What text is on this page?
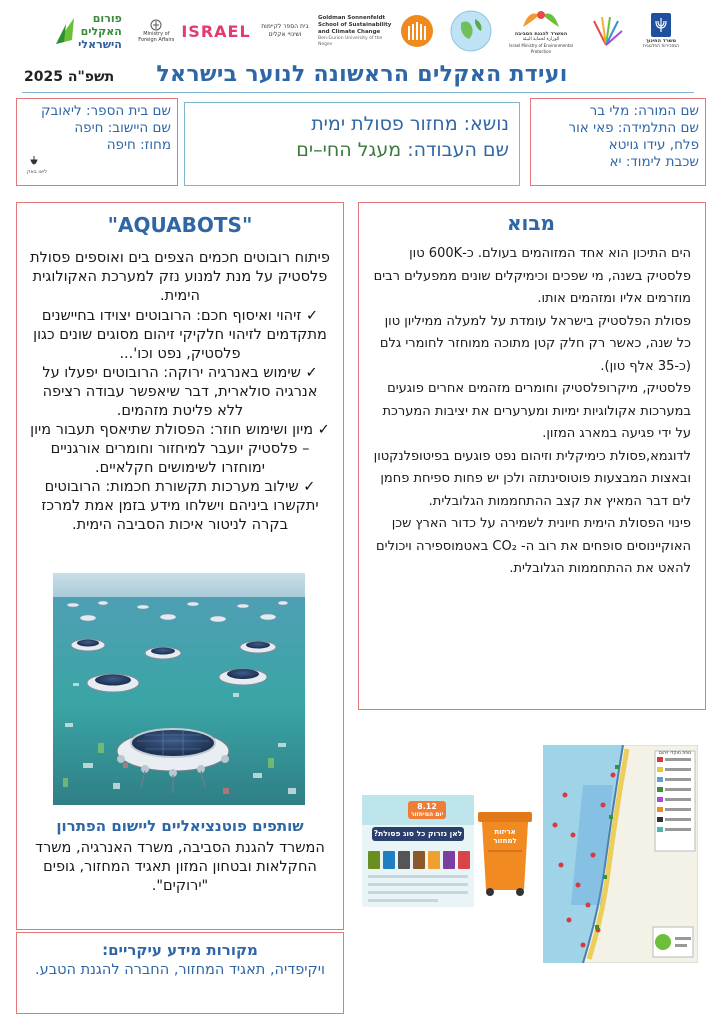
פורום
האקלים
הישראלי
ISRAEL
Ministry of Foreign Affairs
בית הספר לקיימות ושינויי אקלים
Goldman Sonnenfeldt School of Sustainability and Climate Change
Ben-Gurion University of the Negev
המשרד להגנת הסביבה
الوزارة لحماية البيئة
Israel Ministry of Environmental Protection
משרד החינוך
המזכירות הפדגוגית
ועידת האקלים הראשונה לנוער בישראל
תשפ"ה 2025
שם המורה: מלי בר
שם התלמידה: פאי אור
פלח, עידו גויטא
שכבת לימוד: יא
נושא: מחזור פסולת ימית
שם העבודה: מעגל החי–ים
שם בית הספר: ליאובק
שם היישוב: חיפה
מחוז: חיפה
ליאו באק
מבוא

הים התיכון הוא אחד המזוהמים בעולם. כ-600K טון פלסטיק בשנה, מי שפכים וכימיקלים שונים ממפעלים רבים מוזרמים אליו ומזהמים אותו.

פסולת הפלסטיק בישראל עומדת על למעלה ממיליון טון כל שנה, כאשר רק חלק קטן מתוכה ממוחזר לחומרי גלם (כ-35 אלף טון).

פלסטיק, מיקרופלסטיק וחומרים מזהמים אחרים פוגעים במערכות אקולוגיות ימיות ומערערים את יציבות המערכת על ידי פגיעה במארג המזון.

לדוגמא,פסולת כימיקלית וזיהום נפט פוגעים בפיטופלנקטון ובאצות המבצעות פוטוסינתזה ולכן יש פחות ספיחת פחמן לים דבר המאיץ את קצב ההתחממות הגלובלית.

פינוי הפסולת הימית חיונית לשמירה על כדור הארץ שכן האוקיינוסים סופחים את רוב ה- CO₂ באטמוספירה ויכולים להאט את ההתחממות הגלובלית.

"AQUABOTS"
פיתוח רובוטים חכמים הצפים בים ואוספים פסולת פלסטיק על מנת למנוע נזק למערכת האקולוגית הימית.
✓ זיהוי ואיסוף חכם: הרובוטים יצוידו בחיישנים מתקדמים לזיהוי חלקיקי זיהום מסוגים שונים כגון פלסטיק, נפט וכו'...
✓ שימוש באנרגיה ירוקה: הרובוטים יפעלו על אנרגיה סולארית, דבר שיאפשר עבודה רציפה ללא פליטת מזהמים.
✓ מיון ושימוש חוזר: הפסולת שתיאסף תעבור מיון – פלסטיק יועבר למיחזור וחומרים אורגניים ימוחזרו לשימושים חקלאיים.
✓ שילוב מערכות תקשורת חכמות: הרובוטים יתקשרו ביניהם וישלחו מידע בזמן אמת למרכז בקרה לניטור איכות הסביבה הימית.
שותפים פוטנציאליים ליישום הפתרון
המשרד להגנת הסביבה, משרד האנרגיה, משרד החקלאות ובטחון המזון תאגיד המחזור, גופים "ירוקים".
מקורות מידע עיקריים:
ויקיפדיה, תאגיד המחזור, החברה להגנת הטבע.
8.12
יום המיחזור
לאן נזרוק כל סוג פסולת?	אריזות
למחזור
מפת מוקדי זיהום
